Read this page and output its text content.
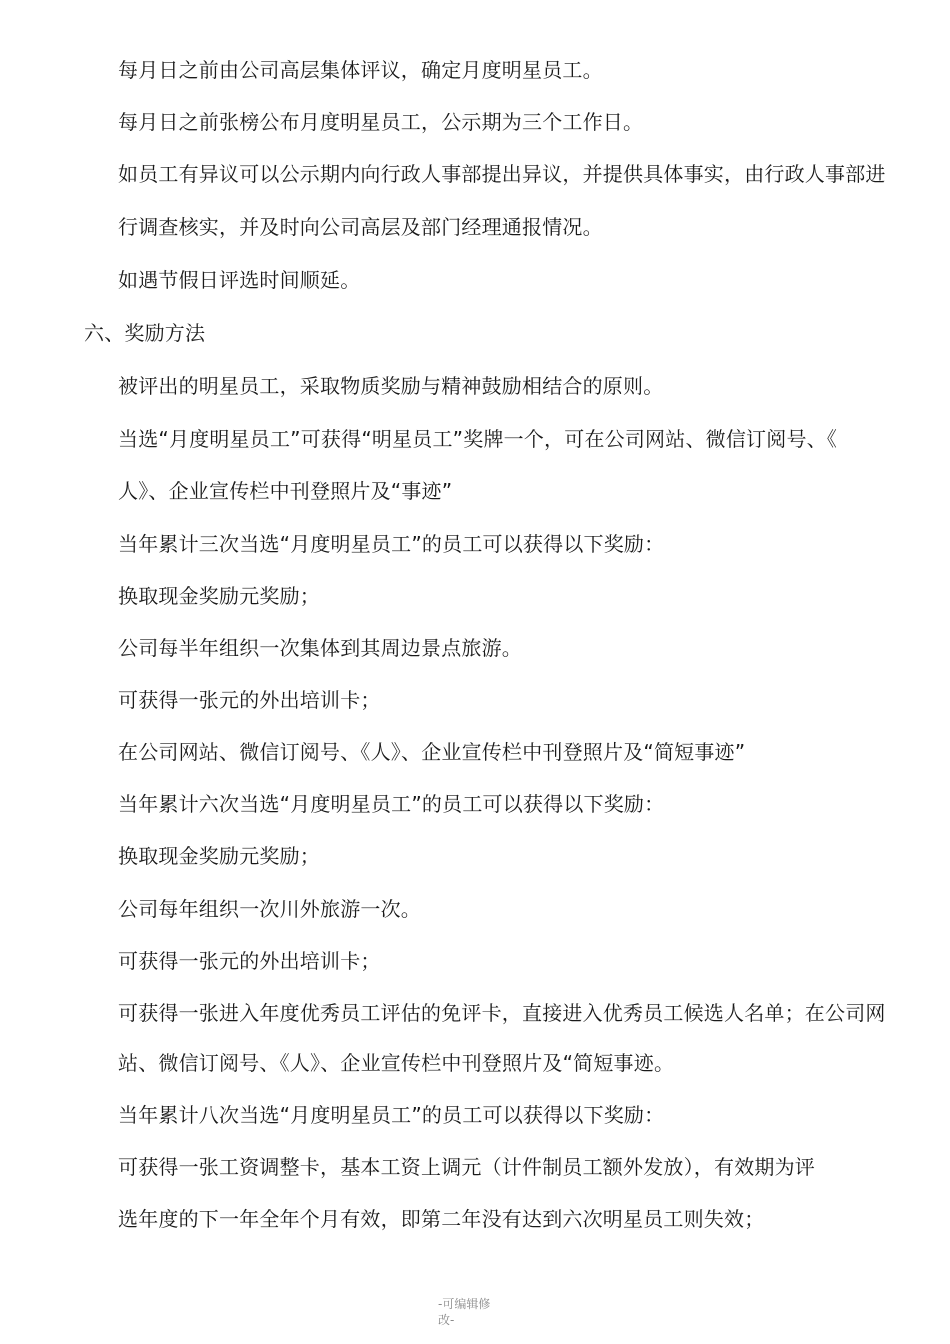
每月日之前由公司高层集体评议，确定月度明星员工。
每月日之前张榜公布月度明星员工，公示期为三个工作日。
如员工有异议可以公示期内向行政人事部提出异议，并提供具体事实，由行政人事部进
行调查核实，并及时向公司高层及部门经理通报情况。
如遇节假日评选时间顺延。
六、奖励方法
被评出的明星员工，采取物质奖励与精神鼓励相结合的原则。
当选“月度明星员工”可获得“明星员工”奖牌一个，可在公司网站、微信订阅号、《
人》、企业宣传栏中刊登照片及“事迹”
当年累计三次当选“月度明星员工”的员工可以获得以下奖励：
换取现金奖励元奖励；
公司每半年组织一次集体到其周边景点旅游。
可获得一张元的外出培训卡；
在公司网站、微信订阅号、《人》、企业宣传栏中刊登照片及“简短事迹”
当年累计六次当选“月度明星员工”的员工可以获得以下奖励：
换取现金奖励元奖励；
公司每年组织一次川外旅游一次。
可获得一张元的外出培训卡；
可获得一张进入年度优秀员工评估的免评卡，直接进入优秀员工候选人名单；在公司网
站、微信订阅号、《人》、企业宣传栏中刊登照片及“简短事迹。
当年累计八次当选“月度明星员工”的员工可以获得以下奖励：
可获得一张工资调整卡，基本工资上调元（计件制员工额外发放），有效期为评
选年度的下一年全年个月有效，即第二年没有达到六次明星员工则失效；
-可编辑修改-
